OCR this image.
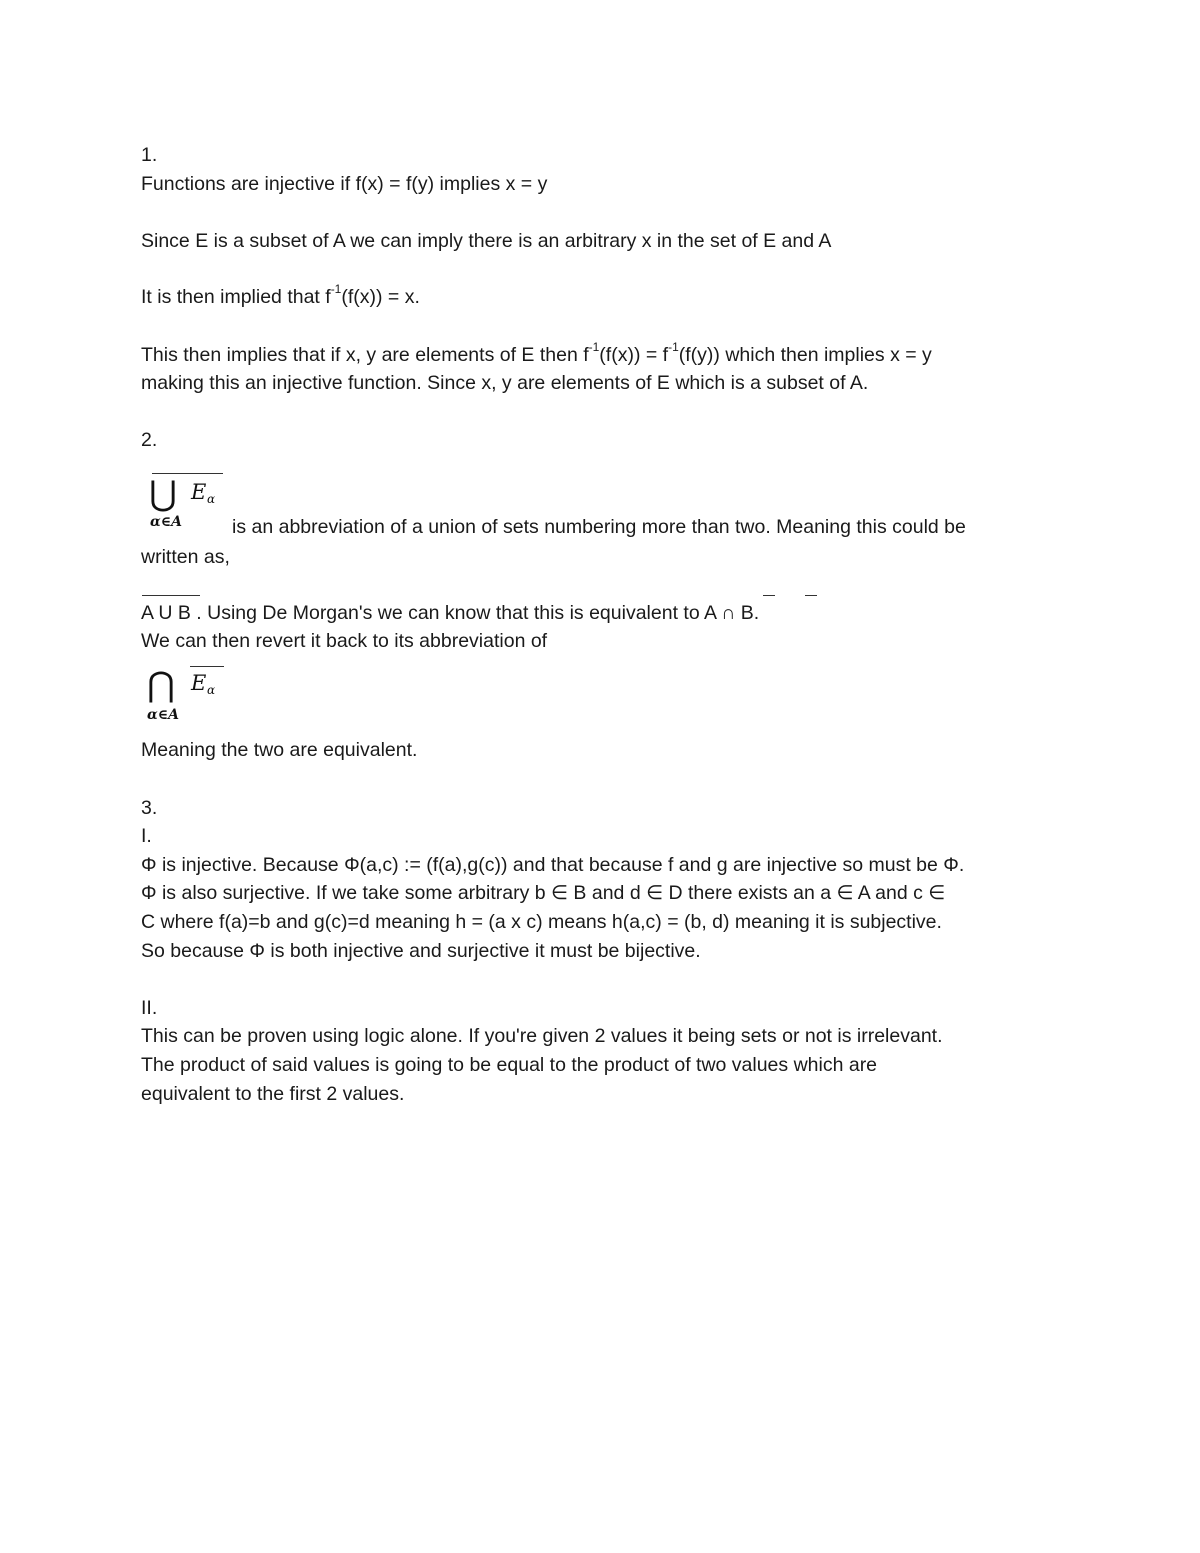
1.
Functions are injective if f(x) = f(y) implies x = y
Since E is a subset of A we can imply there is an arbitrary x in the set of E and A
It is then implied that $f^{-1}(f(x)) = x$.
This then implies that if x, y are elements of E then $f^{-1}(f(x)) = f^{-1}(f(y))$ which then implies x = y
making this an injective function. Since x, y are elements of E which is a subset of A.
2.
⋃ E α
α∈A	is an abbreviation of a union of sets numbering more than two. Meaning this could be
written as,
A U B . Using De Morgan's we can know that this is equivalent to A ∩ B.
We can then revert it back to its abbreviation of
⋂ E α
α∈A
Meaning the two are equivalent.
3.
I.
Φ is injective. Because Φ(a,c) := (f(a),g(c)) and that because f and g are injective so must be Φ.
Φ is also surjective. If we take some arbitrary b ∈ B and d ∈ D there exists an a ∈ A and c ∈
C where f(a)=b and g(c)=d meaning h = (a x c) means h(a,c) = (b, d) meaning it is subjective.
So because Φ is both injective and surjective it must be bijective.
II.
This can be proven using logic alone. If you're given 2 values it being sets or not is irrelevant.
The product of said values is going to be equal to the product of two values which are
equivalent to the first 2 values.
